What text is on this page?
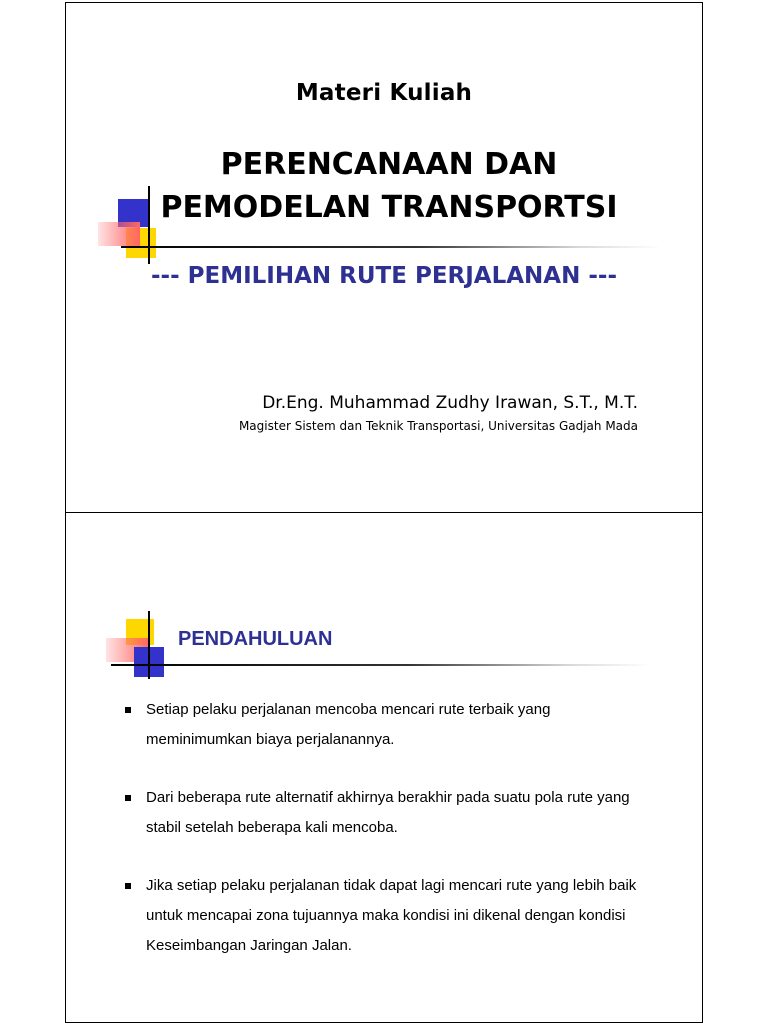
Materi Kuliah
PERENCANAAN DAN
PEMODELAN TRANSPORTSI
--- PEMILIHAN RUTE PERJALANAN ---
Dr.Eng. Muhammad Zudhy Irawan, S.T., M.T.
Magister Sistem dan Teknik Transportasi, Universitas Gadjah Mada
PENDAHULUAN
Setiap pelaku perjalanan mencoba mencari rute terbaik yang meminimumkan biaya perjalanannya.
Dari beberapa rute alternatif akhirnya berakhir pada suatu pola rute yang stabil setelah beberapa kali mencoba.
Jika setiap pelaku perjalanan tidak dapat lagi mencari rute yang lebih baik untuk mencapai zona tujuannya maka kondisi ini dikenal dengan kondisi Keseimbangan Jaringan Jalan.
